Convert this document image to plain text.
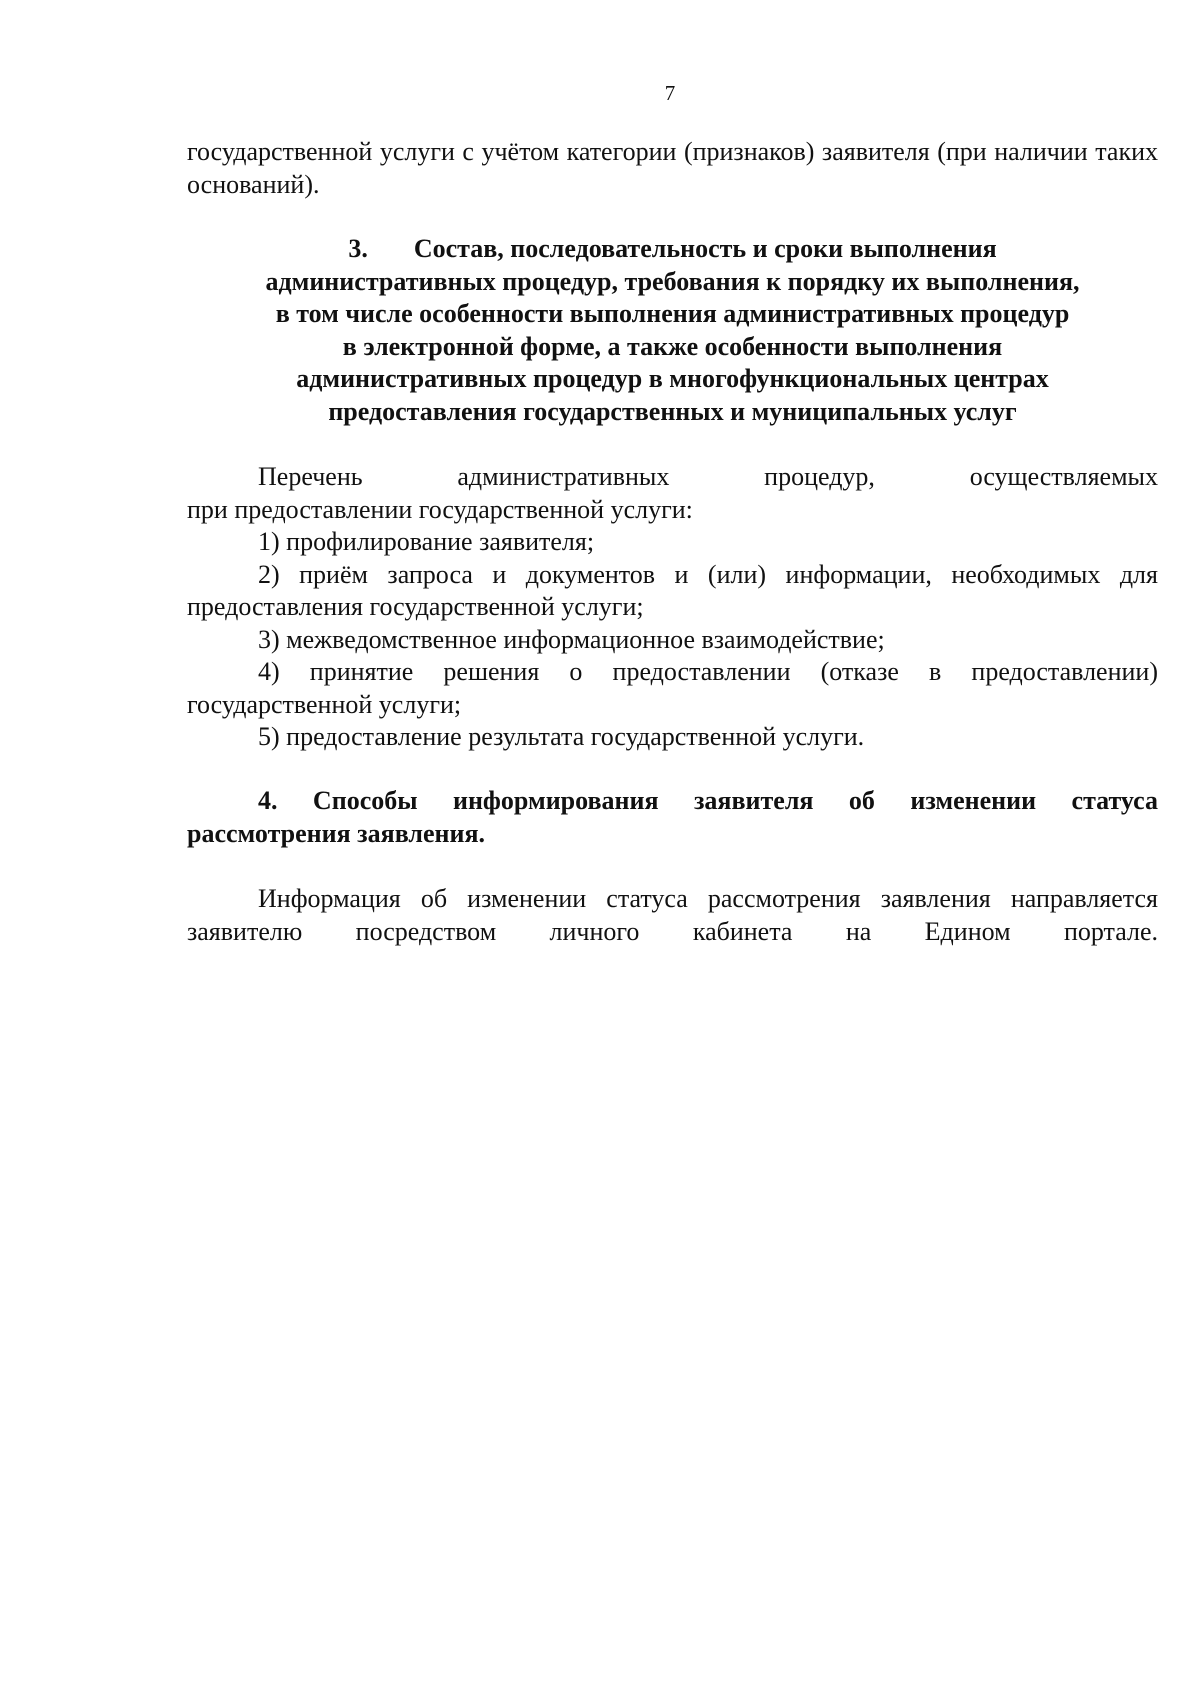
7

государственной услуги с учётом категории (признаков) заявителя (при наличии таких оснований).

3. Состав, последовательность и сроки выполнения
административных процедур, требования к порядку их выполнения,
в том числе особенности выполнения административных процедур
в электронной форме, а также особенности выполнения
административных процедур в многофункциональных центрах
предоставления государственных и муниципальных услуг

Перечень административных процедур, осуществляемых

при предоставлении государственной услуги:

1) профилирование заявителя;

2) приём запроса и документов и (или) информации, необходимых для предоставления государственной услуги;

3) межведомственное информационное взаимодействие;

4) принятие решения о предоставлении (отказе в предоставлении) государственной услуги;

5) предоставление результата государственной услуги.

4. Способы информирования заявителя об изменении статуса
рассмотрения заявления.

Информация об изменении статуса рассмотрения заявления направляется

заявителю посредством личного кабинета на Едином портале.
